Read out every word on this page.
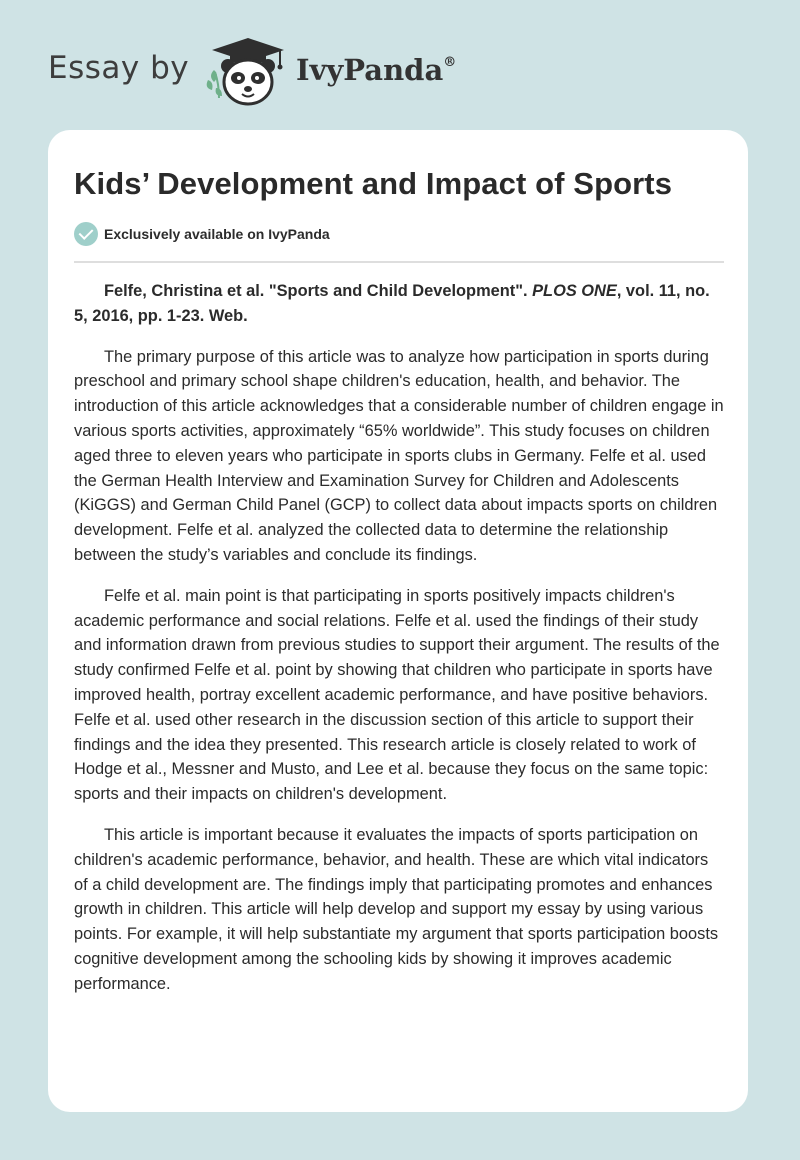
Essay by	IvyPanda®
Kids’ Development and Impact of Sports
Exclusively available on IvyPanda

Felfe, Christina et al. "Sports and Child Development". PLOS ONE, vol. 11, no. 5, 2016, pp. 1-23. Web.

The primary purpose of this article was to analyze how participation in sports during preschool and primary school shape children's education, health, and behavior. The introduction of this article acknowledges that a considerable number of children engage in various sports activities, approximately “65% worldwide”. This study focuses on children aged three to eleven years who participate in sports clubs in Germany. Felfe et al. used the German Health Interview and Examination Survey for Children and Adolescents (KiGGS) and German Child Panel (GCP) to collect data about impacts sports on children development. Felfe et al. analyzed the collected data to determine the relationship between the study’s variables and conclude its findings.

Felfe et al. main point is that participating in sports positively impacts children's academic performance and social relations. Felfe et al. used the findings of their study and information drawn from previous studies to support their argument. The results of the study confirmed Felfe et al. point by showing that children who participate in sports have improved health, portray excellent academic performance, and have positive behaviors. Felfe et al. used other research in the discussion section of this article to support their findings and the idea they presented. This research article is closely related to work of Hodge et al., Messner and Musto, and Lee et al. because they focus on the same topic: sports and their impacts on children's development.

This article is important because it evaluates the impacts of sports participation on children's academic performance, behavior, and health. These are which vital indicators of a child development are. The findings imply that participating promotes and enhances growth in children. This article will help develop and support my essay by using various points. For example, it will help substantiate my argument that sports participation boosts cognitive development among the schooling kids by showing it improves academic performance.
